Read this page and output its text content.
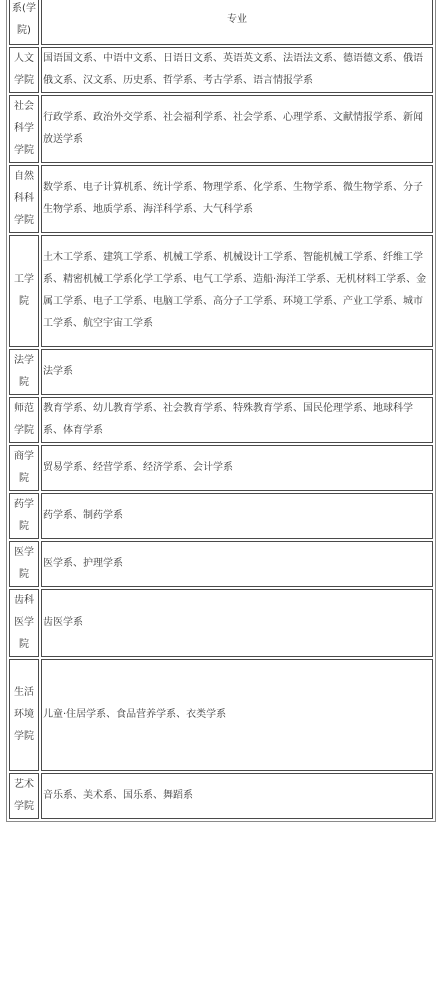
系(学院)	专业
人文学院	国语国文系、中语中文系、日语日文系、英语英文系、法语法文系、德语德文系、俄语俄文系、汉文系、历史系、哲学系、考古学系、语言情报学系
社会科学学院	行政学系、政治外交学系、社会福利学系、社会学系、心理学系、文献情报学系、新闻放送学系
自然科科学院	数学系、电子计算机系、统计学系、物理学系、化学系、生物学系、微生物学系、分子生物学系、地质学系、海洋科学系、大气科学系
工学院	土木工学系、建筑工学系、机械工学系、机械设计工学系、智能机械工学系、纤维工学系、精密机械工学系化学工学系、电气工学系、造船·海洋工学系、无机材料工学系、金属工学系、电子工学系、电脑工学系、高分子工学系、环境工学系、产业工学系、城市工学系、航空宇宙工学系
法学院	法学系
师范学院	教育学系、幼儿教育学系、社会教育学系、特殊教育学系、国民伦理学系、地球科学系、体育学系
商学院	贸易学系、经营学系、经济学系、会计学系
药学院	药学系、制药学系
医学院	医学系、护理学系
齿科医学院	齿医学系
生活环境学院	儿童·住居学系、食品营养学系、衣类学系
艺术学院	音乐系、美术系、国乐系、舞蹈系
